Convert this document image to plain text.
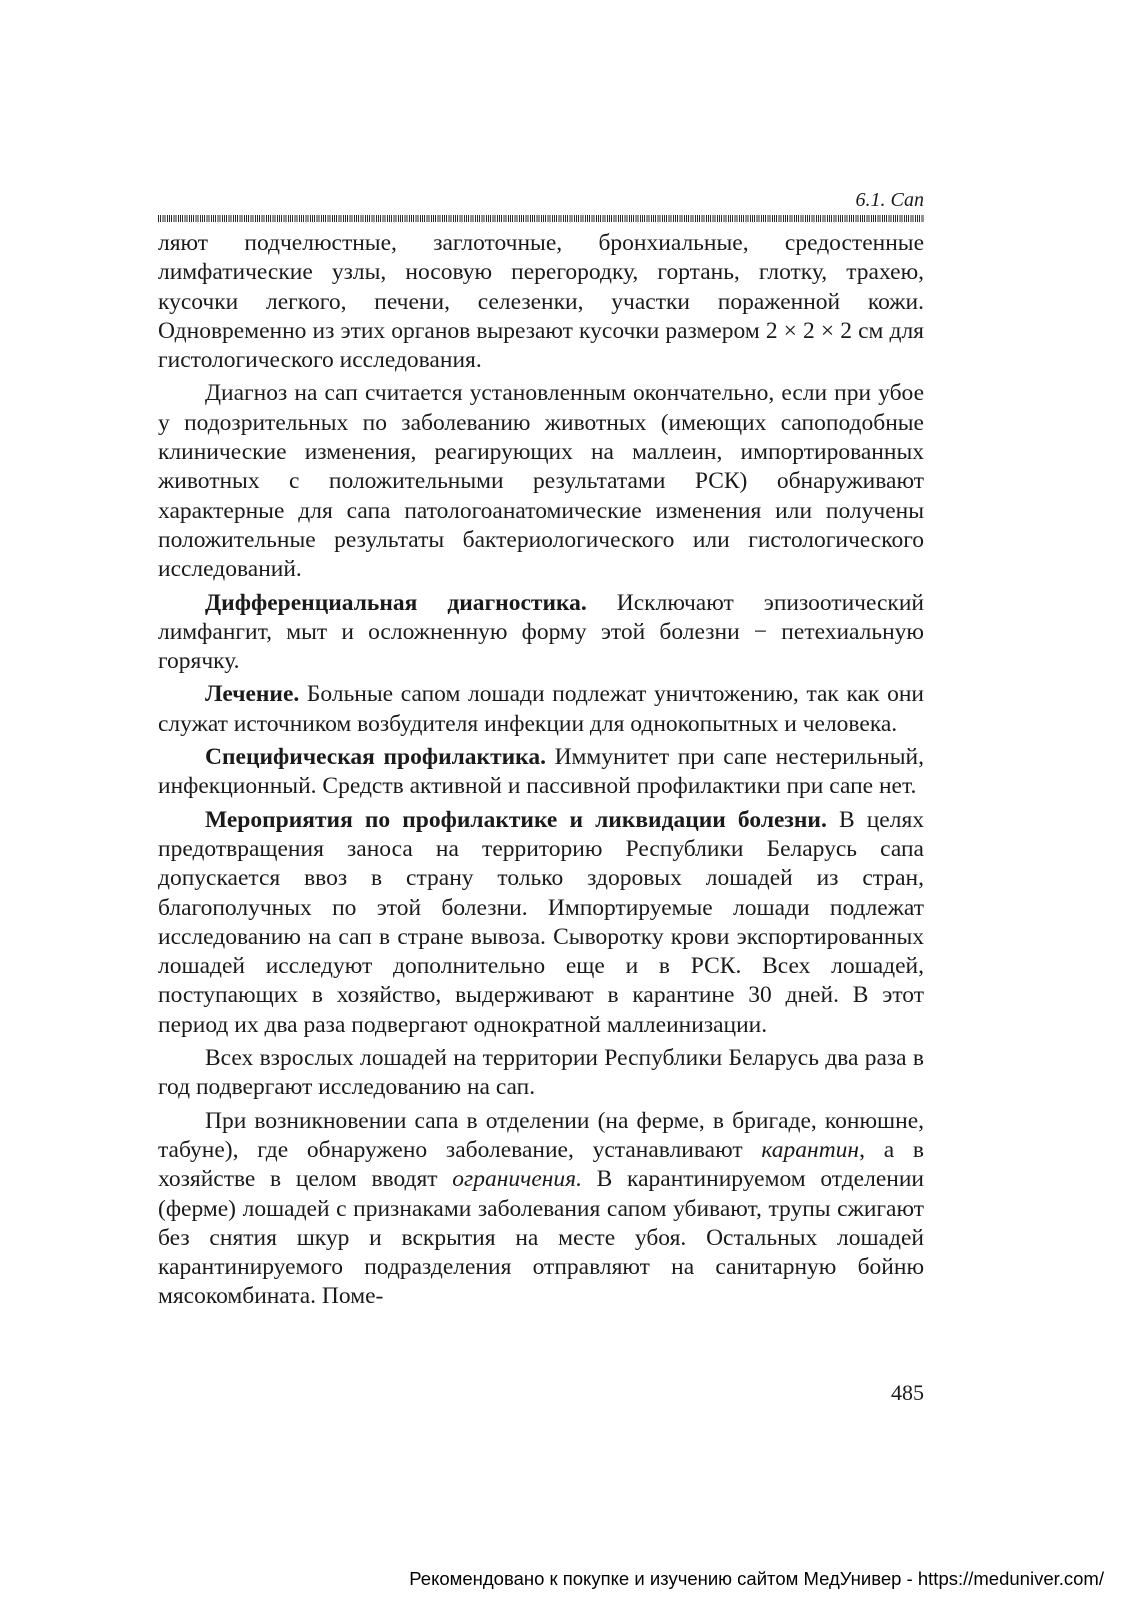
6.1. Сап

ляют подчелюстные, заглоточные, бронхиальные, средостенные лимфатические узлы, носовую перегородку, гортань, глотку, трахею, кусочки легкого, печени, селезенки, участки пораженной кожи. Одновременно из этих органов вырезают кусочки размером 2 × 2 × 2 см для гистологического исследования.

Диагноз на сап считается установленным окончательно, если при убое у подозрительных по заболеванию животных (имеющих сапоподобные клинические изменения, реагирующих на маллеин, импортированных животных с положительными результатами РСК) обнаруживают характерные для сапа патологоанатомические изменения или получены положительные результаты бактериологического или гистологического исследований.

Дифференциальная диагностика. Исключают эпизоотический лимфангит, мыт и осложненную форму этой болезни − петехиальную горячку.

Лечение. Больные сапом лошади подлежат уничтожению, так как они служат источником возбудителя инфекции для однокопытных и человека.

Специфическая профилактика. Иммунитет при сапе нестерильный, инфекционный. Средств активной и пассивной профилактики при сапе нет.

Мероприятия по профилактике и ликвидации болезни. В целях предотвращения заноса на территорию Республики Беларусь сапа допускается ввоз в страну только здоровых лошадей из стран, благополучных по этой болезни. Импортируемые лошади подлежат исследованию на сап в стране вывоза. Сыворотку крови экспортированных лошадей исследуют дополнительно еще и в РСК. Всех лошадей, поступающих в хозяйство, выдерживают в карантине 30 дней. В этот период их два раза подвергают однократной маллеинизации.

Всех взрослых лошадей на территории Республики Беларусь два раза в год подвергают исследованию на сап.

При возникновении сапа в отделении (на ферме, в бригаде, конюшне, табуне), где обнаружено заболевание, устанавливают карантин, а в хозяйстве в целом вводят ограничения. В карантинируемом отделении (ферме) лошадей с признаками заболевания сапом убивают, трупы сжигают без снятия шкур и вскрытия на месте убоя. Остальных лошадей карантинируемого подразделения отправляют на санитарную бойню мясокомбината. Поме-

485
Рекомендовано к покупке и изучению сайтом МедУнивер - https://meduniver.com/
